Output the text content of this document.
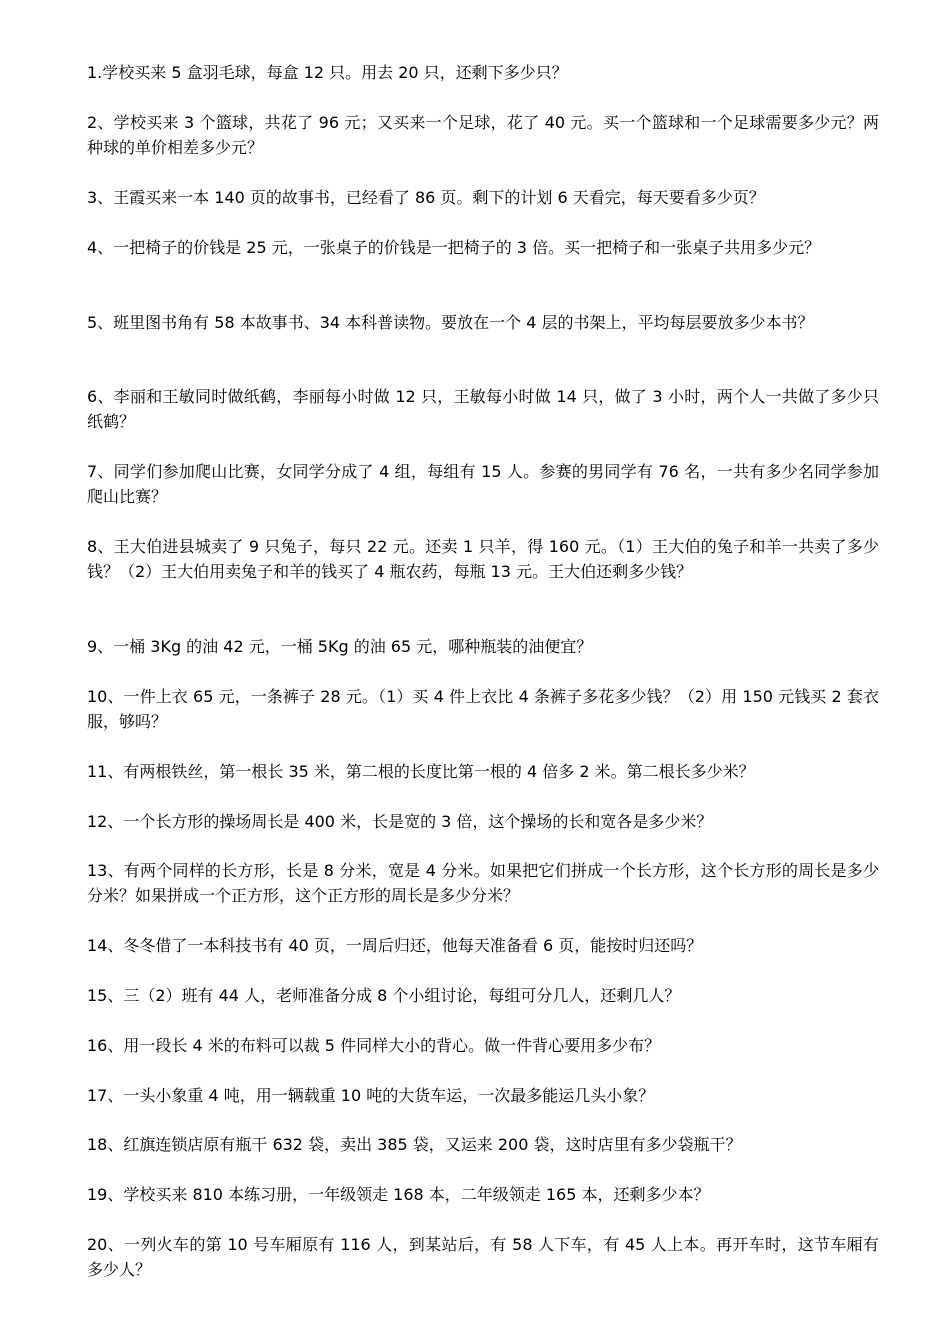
1.学校买来 5 盒羽毛球，每盒 12 只。用去 20 只，还剩下多少只？

2、学校买来 3 个篮球，共花了 96 元；又买来一个足球，花了 40 元。买一个篮球和一个足球需要多少元？两种球的单价相差多少元？

3、王霞买来一本 140 页的故事书，已经看了 86 页。剩下的计划 6 天看完，每天要看多少页？

4、一把椅子的价钱是 25 元，一张桌子的价钱是一把椅子的 3 倍。买一把椅子和一张桌子共用多少元？

5、班里图书角有 58 本故事书、34 本科普读物。要放在一个 4 层的书架上，平均每层要放多少本书？

6、李丽和王敏同时做纸鹤，李丽每小时做 12 只，王敏每小时做 14 只，做了 3 小时，两个人一共做了多少只纸鹤？

7、同学们参加爬山比赛，女同学分成了 4 组，每组有 15 人。参赛的男同学有 76 名，一共有多少名同学参加爬山比赛？

8、王大伯进县城卖了 9 只兔子，每只 22 元。还卖 1 只羊，得 160 元。（1）王大伯的兔子和羊一共卖了多少钱？（2）王大伯用卖兔子和羊的钱买了 4 瓶农药，每瓶 13 元。王大伯还剩多少钱？

9、一桶 3Kg 的油 42 元，一桶 5Kg 的油 65 元，哪种瓶装的油便宜？

10、一件上衣 65 元，一条裤子 28 元。（1）买 4 件上衣比 4 条裤子多花多少钱？（2）用 150 元钱买 2 套衣服，够吗？

11、有两根铁丝，第一根长 35 米，第二根的长度比第一根的 4 倍多 2 米。第二根长多少米？

12、一个长方形的操场周长是 400 米，长是宽的 3 倍，这个操场的长和宽各是多少米？

13、有两个同样的长方形，长是 8 分米，宽是 4 分米。如果把它们拼成一个长方形，这个长方形的周长是多少分米？如果拼成一个正方形，这个正方形的周长是多少分米？

14、冬冬借了一本科技书有 40 页，一周后归还，他每天准备看 6 页，能按时归还吗？

15、三（2）班有 44 人，老师准备分成 8 个小组讨论，每组可分几人，还剩几人？

16、用一段长 4 米的布料可以裁 5 件同样大小的背心。做一件背心要用多少布？

17、一头小象重 4 吨，用一辆载重 10 吨的大货车运，一次最多能运几头小象？

18、红旗连锁店原有瓶干 632 袋，卖出 385 袋，又运来 200 袋，这时店里有多少袋瓶干？

19、学校买来 810 本练习册，一年级领走 168 本，二年级领走 165 本，还剩多少本？

20、一列火车的第 10 号车厢原有 116 人，到某站后，有 58 人下车，有 45 人上本。再开车时，这节车厢有多少人？
